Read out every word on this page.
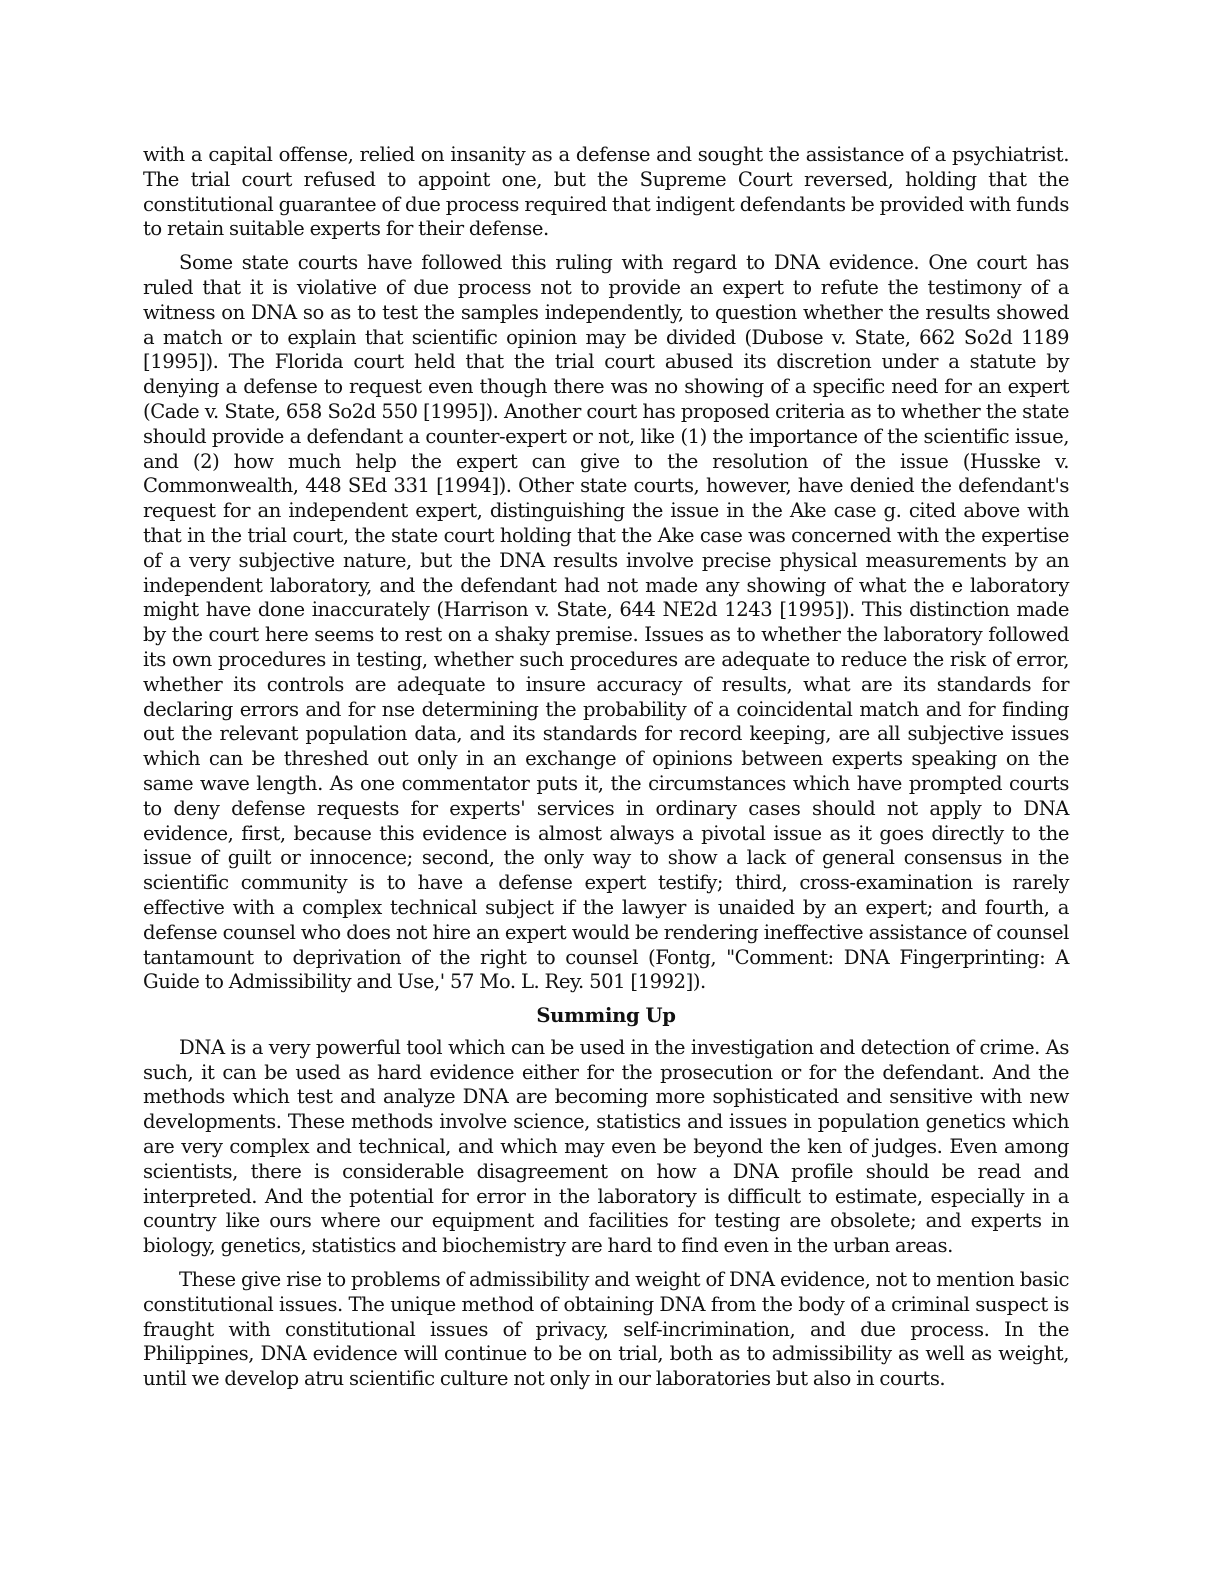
with a capital offense, relied on insanity as a defense and sought the assistance of a psychiatrist. The trial court refused to appoint one, but the Supreme Court reversed, holding that the constitutional guarantee of due process required that indigent defendants be provided with funds to retain suitable experts for their defense.

Some state courts have followed this ruling with regard to DNA evidence. One court has ruled that it is violative of due process not to provide an expert to refute the testimony of a witness on DNA so as to test the samples independently, to question whether the results showed a match or to explain that scientific opinion may be divided (Dubose v. State, 662 So2d 1189 [1995]). The Florida court held that the trial court abused its discretion under a statute by denying a defense to request even though there was no showing of a specific need for an expert (Cade v. State, 658 So2d 550 [1995]). Another court has proposed criteria as to whether the state should provide a defendant a counter-expert or not, like (1) the importance of the scientific issue, and (2) how much help the expert can give to the resolution of the issue (Husske v. Commonwealth, 448 SEd 331 [1994]). Other state courts, however, have denied the defendant's request for an independent expert, distinguishing the issue in the Ake case g. cited above with that in the trial court, the state court holding that the Ake case was concerned with the expertise of a very subjective nature, but the DNA results involve precise physical measurements by an independent laboratory, and the defendant had not made any showing of what the e laboratory might have done inaccurately (Harrison v. State, 644 NE2d 1243 [1995]). This distinction made by the court here seems to rest on a shaky premise. Issues as to whether the laboratory followed its own procedures in testing, whether such procedures are adequate to reduce the risk of error, whether its controls are adequate to insure accuracy of results, what are its standards for declaring errors and for nse determining the probability of a coincidental match and for finding out the relevant population data, and its standards for record keeping, are all subjective issues which can be threshed out only in an exchange of opinions between experts speaking on the same wave length. As one commentator puts it, the circumstances which have prompted courts to deny defense requests for experts' services in ordinary cases should not apply to DNA evidence, first, because this evidence is almost always a pivotal issue as it goes directly to the issue of guilt or innocence; second, the only way to show a lack of general consensus in the scientific community is to have a defense expert testify; third, cross-examination is rarely effective with a complex technical subject if the lawyer is unaided by an expert; and fourth, a defense counsel who does not hire an expert would be rendering ineffective assistance of counsel tantamount to deprivation of the right to counsel (Fontg, "Comment: DNA Fingerprinting: A Guide to Admissibility and Use,' 57 Mo. L. Rey. 501 [1992]).

Summing Up

DNA is a very powerful tool which can be used in the investigation and detection of crime. As such, it can be used as hard evidence either for the prosecution or for the defendant. And the methods which test and analyze DNA are becoming more sophisticated and sensitive with new developments. These methods involve science, statistics and issues in population genetics which are very complex and technical, and which may even be beyond the ken of judges. Even among scientists, there is considerable disagreement on how a DNA profile should be read and interpreted. And the potential for error in the laboratory is difficult to estimate, especially in a country like ours where our equipment and facilities for testing are obsolete; and experts in biology, genetics, statistics and biochemistry are hard to find even in the urban areas.

These give rise to problems of admissibility and weight of DNA evidence, not to mention basic constitutional issues. The unique method of obtaining DNA from the body of a criminal suspect is fraught with constitutional issues of privacy, self-incrimination, and due process. In the Philippines, DNA evidence will continue to be on trial, both as to admissibility as well as weight, until we develop atru scientific culture not only in our laboratories but also in courts.
